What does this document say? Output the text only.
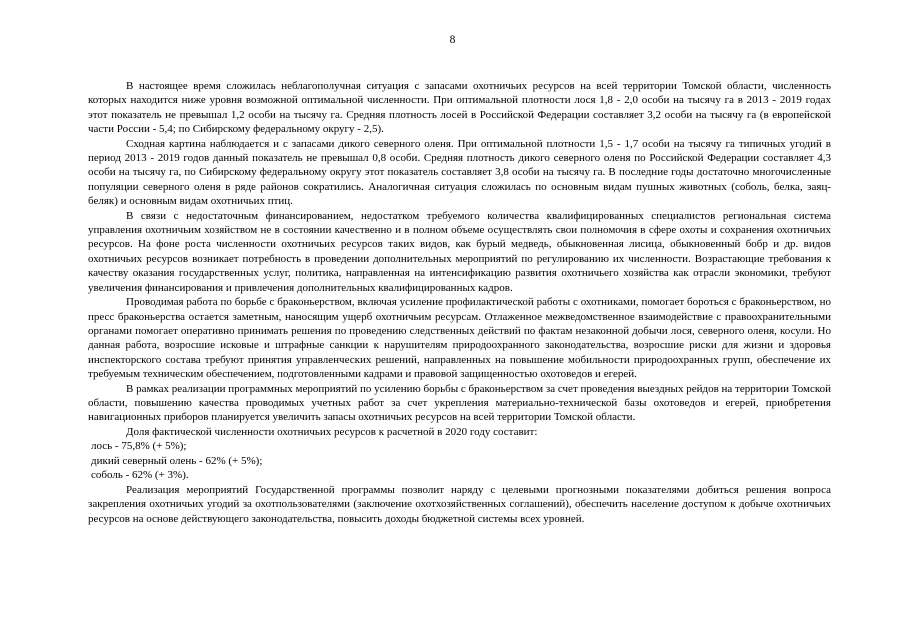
8

В настоящее время сложилась неблагополучная ситуация с запасами охотничьих ресурсов на всей территории Томской области, численность которых находится ниже уровня возможной оптимальной численности. При оптимальной плотности лося 1,8 - 2,0 особи на тысячу га в 2013 - 2019 годах этот показатель не превышал 1,2 особи на тысячу га. Средняя плотность лосей в Российской Федерации составляет 3,2 особи на тысячу га (в европейской части России - 5,4; по Сибирскому федеральному округу - 2,5).

Сходная картина наблюдается и с запасами дикого северного оленя. При оптимальной плотности 1,5 - 1,7 особи на тысячу га типичных угодий в период 2013 - 2019 годов данный показатель не превышал 0,8 особи. Средняя плотность дикого северного оленя по Российской Федерации составляет 4,3 особи на тысячу га, по Сибирскому федеральному округу этот показатель составляет 3,8 особи на тысячу га. В последние годы достаточно многочисленные популяции северного оленя в ряде районов сократились. Аналогичная ситуация сложилась по основным видам пушных животных (соболь, белка, заяц-беляк) и основным видам охотничьих птиц.

В связи с недостаточным финансированием, недостатком требуемого количества квалифицированных специалистов региональная система управления охотничьим хозяйством не в состоянии качественно и в полном объеме осуществлять свои полномочия в сфере охоты и сохранения охотничьих ресурсов. На фоне роста численности охотничьих ресурсов таких видов, как бурый медведь, обыкновенная лисица, обыкновенный бобр и др. видов охотничьих ресурсов возникает потребность в проведении дополнительных мероприятий по регулированию их численности. Возрастающие требования к качеству оказания государственных услуг, политика, направленная на интенсификацию развития охотничьего хозяйства как отрасли экономики, требуют увеличения финансирования и привлечения дополнительных квалифицированных кадров.

Проводимая работа по борьбе с браконьерством, включая усиление профилактической работы с охотниками, помогает бороться с браконьерством, но пресс браконьерства остается заметным, наносящим ущерб охотничьим ресурсам. Отлаженное межведомственное взаимодействие с правоохранительными органами помогает оперативно принимать решения по проведению следственных действий по фактам незаконной добычи лося, северного оленя, косули. Но данная работа, возросшие исковые и штрафные санкции к нарушителям природоохранного законодательства, возросшие риски для жизни и здоровья инспекторского состава требуют принятия управленческих решений, направленных на повышение мобильности природоохранных групп, обеспечение их требуемым техническим обеспечением, подготовленными кадрами и правовой защищенностью охотоведов и егерей.

В рамках реализации программных мероприятий по усилению борьбы с браконьерством за счет проведения выездных рейдов на территории Томской области, повышению качества проводимых учетных работ за счет укрепления материально-технической базы охотоведов и егерей, приобретения навигационных приборов планируется увеличить запасы охотничьих ресурсов на всей территории Томской области.

Доля фактической численности охотничьих ресурсов к расчетной в 2020 году составит:

лось - 75,8% (+ 5%);

дикий северный олень - 62% (+ 5%);

соболь - 62% (+ 3%).

Реализация мероприятий Государственной программы позволит наряду с целевыми прогнозными показателями добиться решения вопроса закрепления охотничьих угодий за охотпользователями (заключение охотхозяйственных соглашений), обеспечить население доступом к добыче охотничьих ресурсов на основе действующего законодательства, повысить доходы бюджетной системы всех уровней.
